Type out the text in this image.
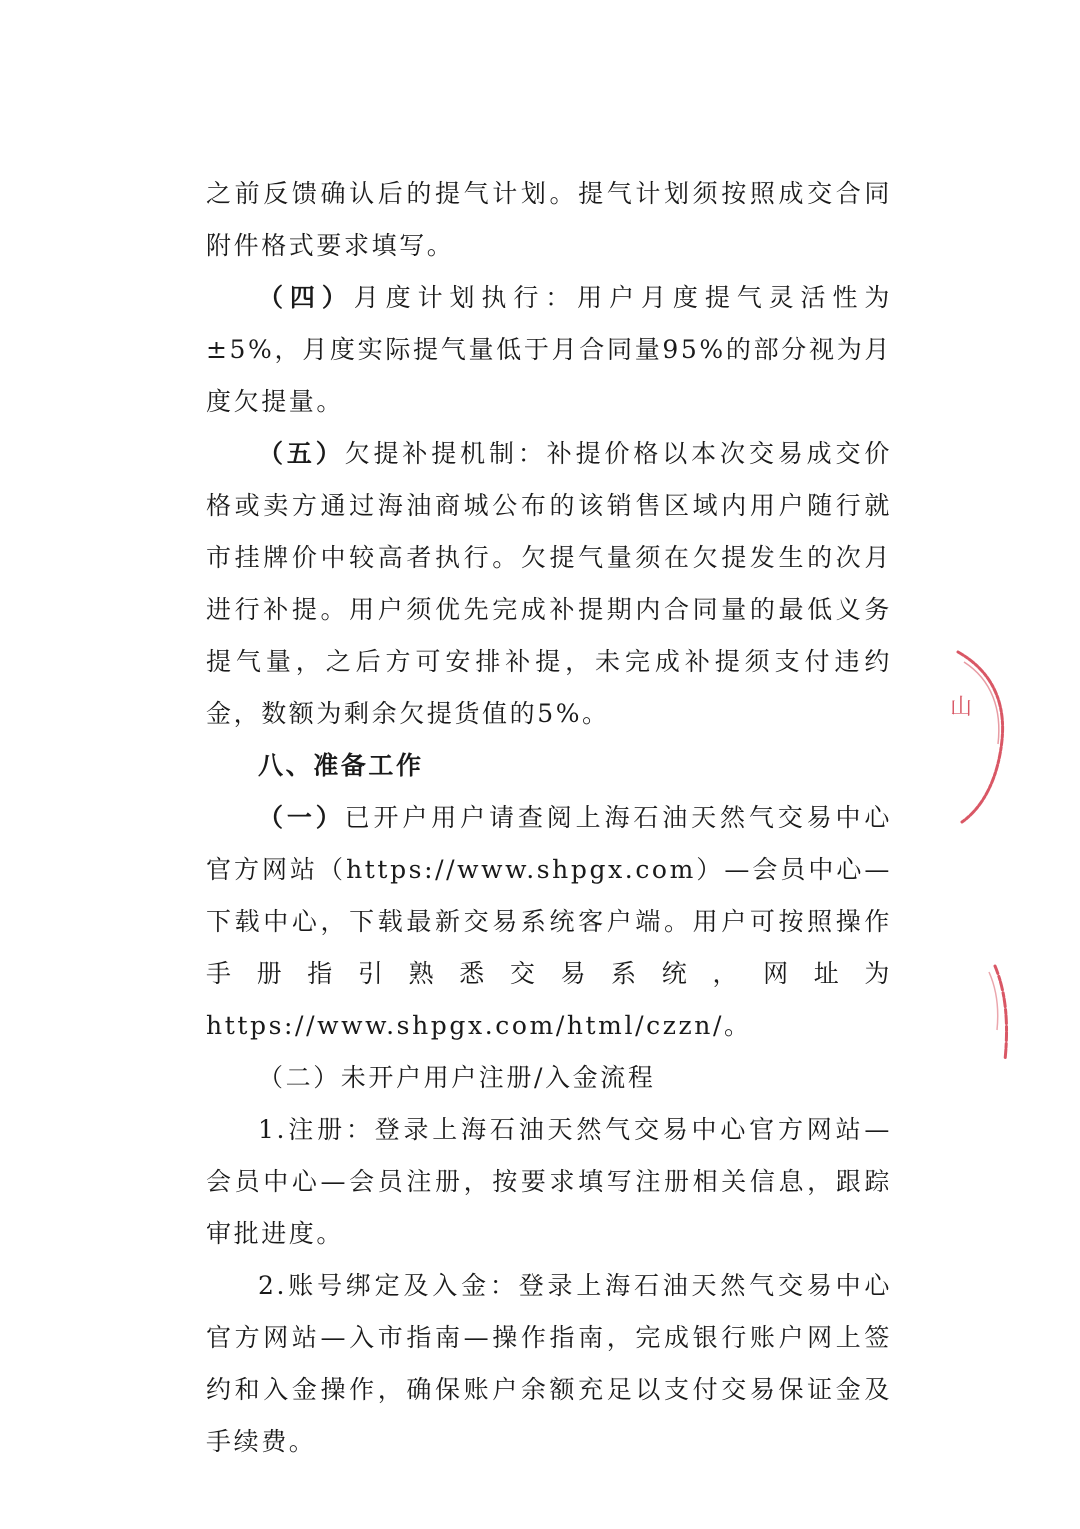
之前反馈确认后的提气计划。提气计划须按照成交合同附件格式要求填写。

（四）月度计划执行：用户月度提气灵活性为±5%，月度实际提气量低于月合同量95%的部分视为月度欠提量。

（五）欠提补提机制：补提价格以本次交易成交价格或卖方通过海油商城公布的该销售区域内用户随行就市挂牌价中较高者执行。欠提气量须在欠提发生的次月进行补提。用户须优先完成补提期内合同量的最低义务提气量，之后方可安排补提，未完成补提须支付违约金，数额为剩余欠提货值的5%。

八、准备工作

（一）已开户用户请查阅上海石油天然气交易中心官方网站（https://www.shpgx.com）—会员中心—下载中心，下载最新交易系统客户端。用户可按照操作手册指引熟悉交易系统，网址为https://www.shpgx.com/html/czzn/。

（二）未开户用户注册/入金流程

1.注册：登录上海石油天然气交易中心官方网站—会员中心—会员注册，按要求填写注册相关信息，跟踪审批进度。

2.账号绑定及入金：登录上海石油天然气交易中心官方网站—入市指南—操作指南，完成银行账户网上签约和入金操作，确保账户余额充足以支付交易保证金及手续费。

山
